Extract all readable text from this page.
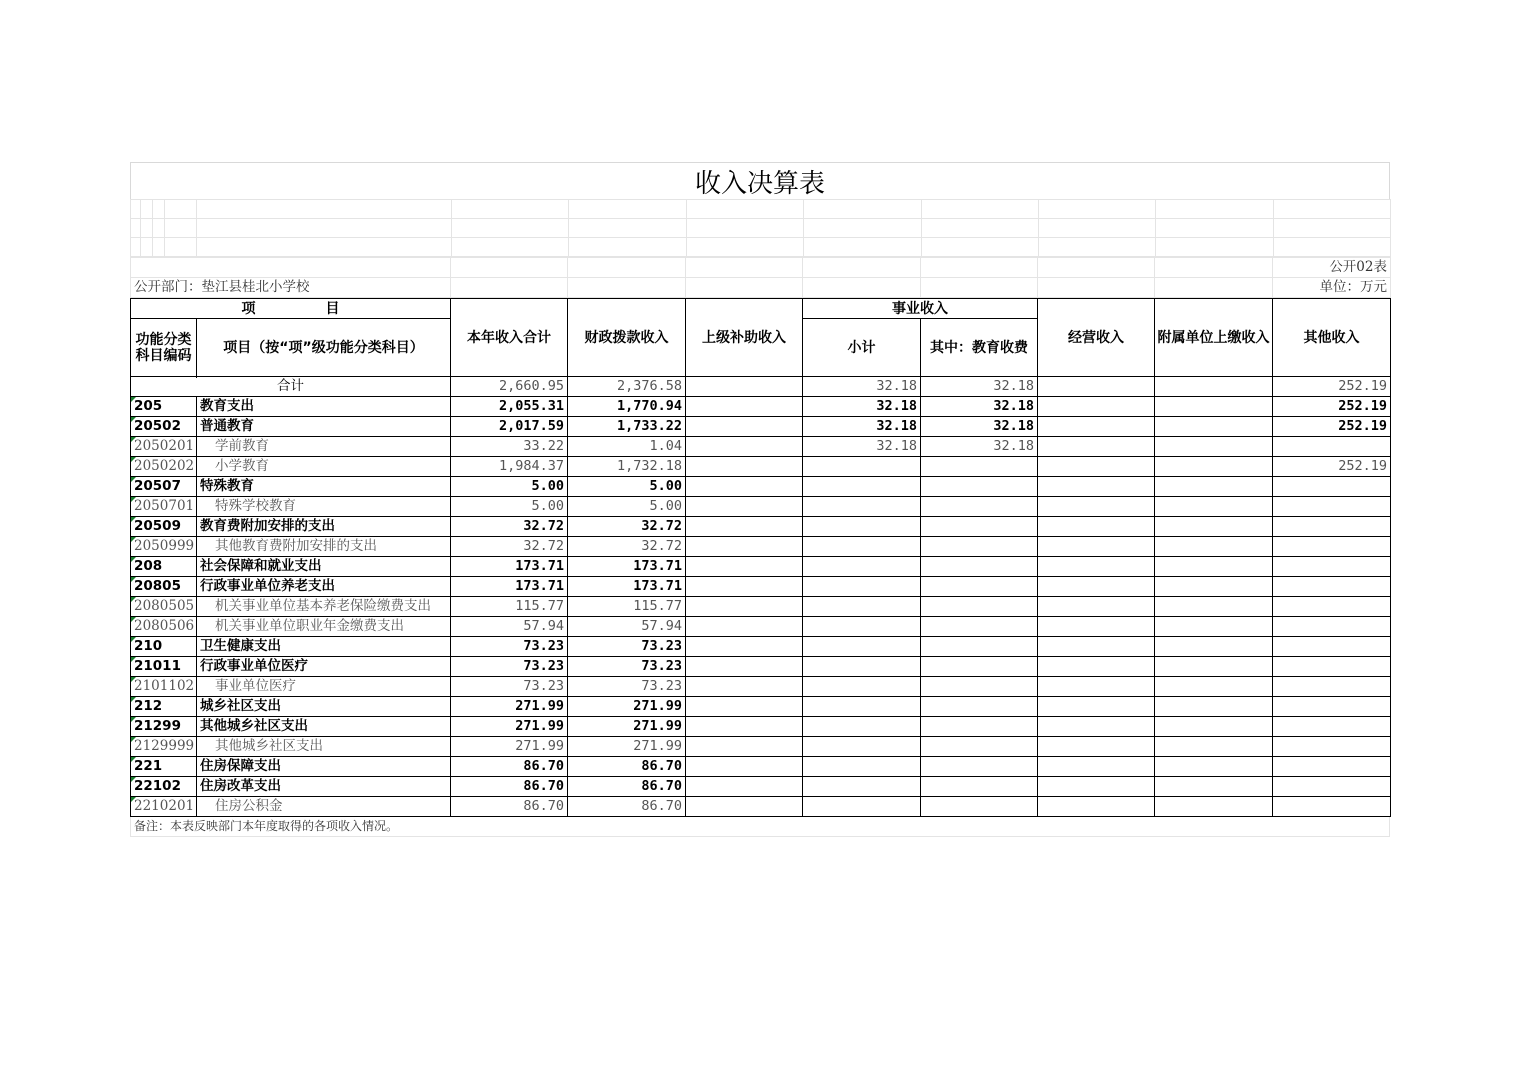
收入决算表

								公开02表
公开部门：垫江县桂北小学校								单位：万元
项　　　　　目		本年收入合计	财政拨款收入	上级补助收入	事业收入		经营收入	附属单位上缴收入	其他收入
功能分类科目编码	项目（按“项”级功能分类科目）				小计	其中：教育收费			

合计		2,660.95	2,376.58		32.18	32.18			252.19
205	教育支出	2,055.31	1,770.94		32.18	32.18			252.19
20502	普通教育	2,017.59	1,733.22		32.18	32.18			252.19
2050201	学前教育	33.22	1.04		32.18	32.18			
2050202	小学教育	1,984.37	1,732.18						252.19
20507	特殊教育	5.00	5.00						
2050701	特殊学校教育	5.00	5.00						
20509	教育费附加安排的支出	32.72	32.72						
2050999	其他教育费附加安排的支出	32.72	32.72						
208	社会保障和就业支出	173.71	173.71						
20805	行政事业单位养老支出	173.71	173.71						
2080505	机关事业单位基本养老保险缴费支出	115.77	115.77						
2080506	机关事业单位职业年金缴费支出	57.94	57.94						
210	卫生健康支出	73.23	73.23						
21011	行政事业单位医疗	73.23	73.23						
2101102	事业单位医疗	73.23	73.23						
212	城乡社区支出	271.99	271.99						
21299	其他城乡社区支出	271.99	271.99						
2129999	其他城乡社区支出	271.99	271.99						
221	住房保障支出	86.70	86.70						
22102	住房改革支出	86.70	86.70						
2210201	住房公积金	86.70	86.70						
备注：本表反映部门本年度取得的各项收入情况。
